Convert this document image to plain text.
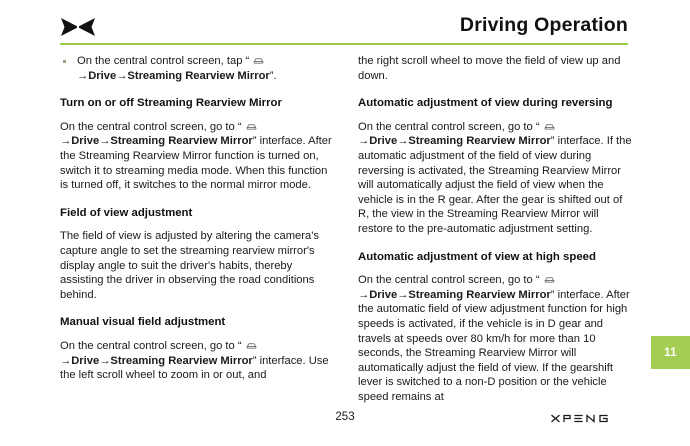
Driving Operation

On the central control screen, tap “
→Drive→Streaming Rearview Mirror”.

Turn on or off Streaming Rearview Mirror

On the central control screen, go to “
→Drive→Streaming Rearview Mirror” interface. After the Streaming Rearview Mirror function is turned on, switch it to streaming media mode. When this function is turned off, it switches to the normal mirror mode.

Field of view adjustment

The field of view is adjusted by altering the camera's capture angle to set the streaming rearview mirror's display angle to suit the driver's habits, thereby assisting the driver in observing the road conditions behind.

Manual visual field adjustment

On the central control screen, go to “
→Drive→Streaming Rearview Mirror” interface. Use the left scroll wheel to zoom in or out, and

the right scroll wheel to move the field of view up and down.

Automatic adjustment of view during reversing

On the central control screen, go to “
→Drive→Streaming Rearview Mirror” interface. If the automatic adjustment of the field of view during reversing is activated, the Streaming Rearview Mirror will automatically adjust the field of view when the vehicle is in the R gear. After the gear is shifted out of R, the view in the Streaming Rearview Mirror will restore to the pre-automatic adjustment setting.

Automatic adjustment of view at high speed

On the central control screen, go to “
→Drive→Streaming Rearview Mirror” interface. After the automatic field of view adjustment function for high speeds is activated, if the vehicle is in D gear and travels at speeds over 80 km/h for more than 10 seconds, the Streaming Rearview Mirror will automatically adjust the field of view. If the gearshift lever is switched to a non-D position or the vehicle speed remains at

253
11
